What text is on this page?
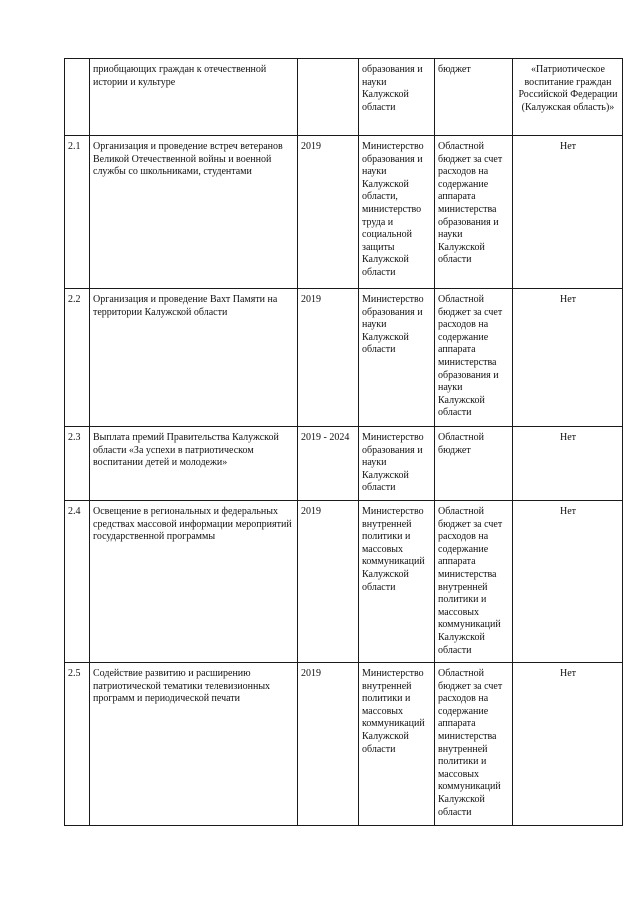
	приобщающих граждан к отечественной истории и культуре		образования и науки Калужской области	бюджет	«Патриотическое воспитание граждан Российской Федерации (Калужская область)»
2.1	Организация и проведение встреч ветеранов Великой Отечественной войны и военной службы со школьниками, студентами	2019	Министерство образования и науки Калужской области, министерство труда и социальной защиты Калужской области	Областной бюджет за счет расходов на содержание аппарата министерства образования и науки Калужской области	Нет
2.2	Организация и проведение Вахт Памяти на территории Калужской области	2019	Министерство образования и науки Калужской области	Областной бюджет за счет расходов на содержание аппарата министерства образования и науки Калужской области	Нет
2.3	Выплата премий Правительства Калужской области «За успехи в патриотическом воспитании детей и молодежи»	2019 - 2024	Министерство образования и науки Калужской области	Областной бюджет	Нет
2.4	Освещение в региональных и федеральных средствах массовой информации мероприятий государственной программы	2019	Министерство внутренней политики и массовых коммуникаций Калужской области	Областной бюджет за счет расходов на содержание аппарата министерства внутренней политики и массовых коммуникаций Калужской области	Нет
2.5	Содействие развитию и расширению патриотической тематики телевизионных программ и периодической печати	2019	Министерство внутренней политики и массовых коммуникаций Калужской области	Областной бюджет за счет расходов на содержание аппарата министерства внутренней политики и массовых коммуникаций Калужской области	Нет
